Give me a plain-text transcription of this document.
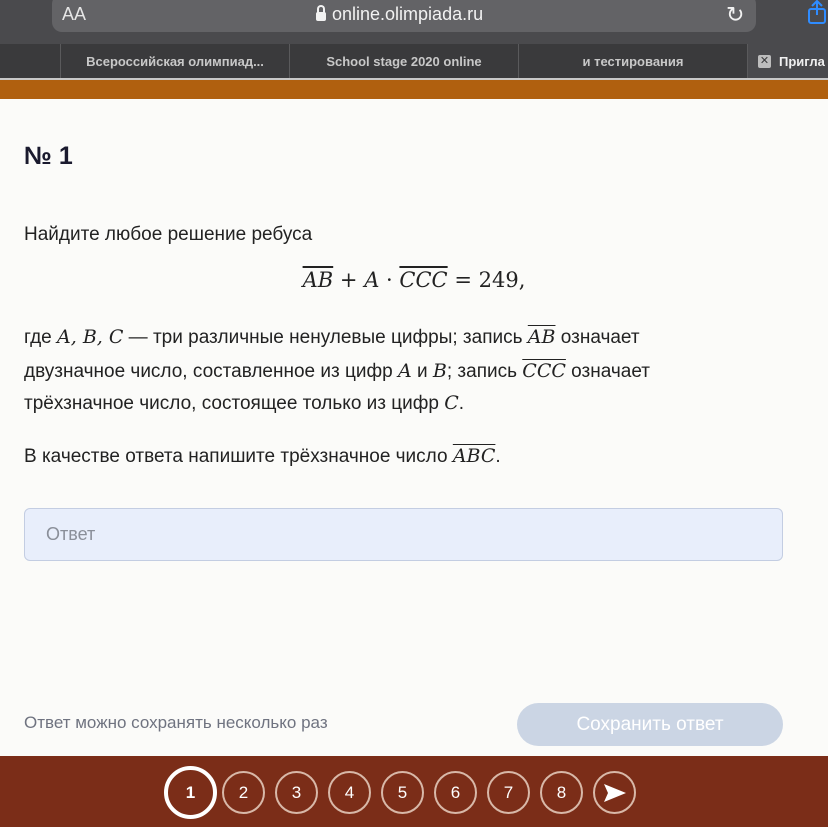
AA	online.olimpiada.ru	↻
Всероссийская олимпиад...	School stage 2020 online	и тестирования	✕ Пригла
№ 1
Найдите любое решение ребуса
$\overline{AB} + A \cdot \overline{CCC} = 249$,
где A, B, C — три различные ненулевые цифры; запись $\overline{AB}$ означает
двузначное число, составленное из цифр A и B; запись $\overline{CCC}$ означает
трёхзначное число, состоящее только из цифр C.
В качестве ответа напишите трёхзначное число $\overline{ABC}$.
Ответ
Ответ можно сохранять несколько раз	Сохранить ответ
1	2	3	4	5	6	7	8
